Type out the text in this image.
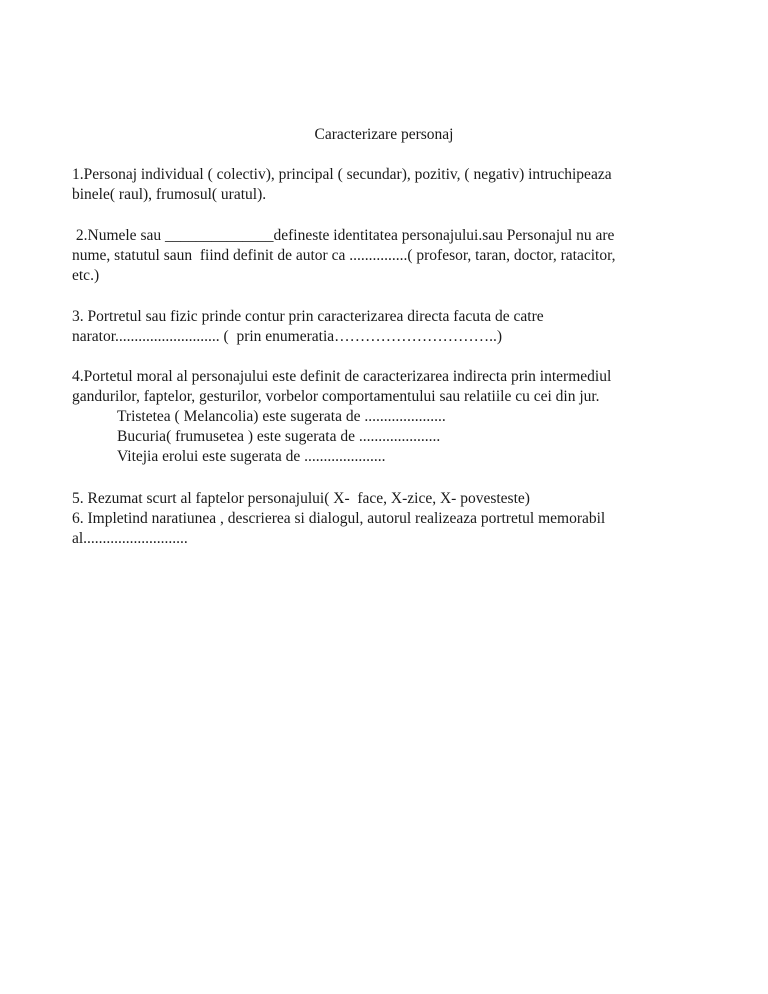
Caracterizare personaj
1.Personaj individual ( colectiv), principal ( secundar), pozitiv, ( negativ) intruchipeaza
binele( raul), frumosul( uratul).
2.Numele sau ______________defineste identitatea personajului.sau Personajul nu are
nume, statutul saun  fiind definit de autor ca ...............( profesor, taran, doctor, ratacitor,
etc.)
3. Portretul sau fizic prinde contur prin caracterizarea directa facuta de catre
narator........................... (  prin enumeratia…………………………..)
4.Portetul moral al personajului este definit de caracterizarea indirecta prin intermediul
gandurilor, faptelor, gesturilor, vorbelor comportamentului sau relatiile cu cei din jur.
Tristetea ( Melancolia) este sugerata de .....................
Bucuria( frumusetea ) este sugerata de .....................
Vitejia erolui este sugerata de .....................
5. Rezumat scurt al faptelor personajului( X-  face, X-zice, X- povesteste)
6. Impletind naratiunea , descrierea si dialogul, autorul realizeaza portretul memorabil
al...........................
